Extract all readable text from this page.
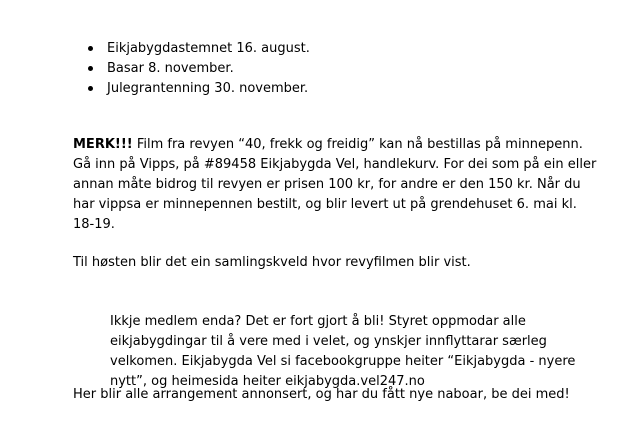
Eikjabygdastemnet 16. august.
Basar 8. november.
Julegrantenning 30. november.

MERK!!! Film fra revyen “40, frekk og freidig” kan nå bestillas på minnepenn.
Gå inn på Vipps, på #89458 Eikjabygda Vel, handlekurv. For dei som på ein eller
annan måte bidrog til revyen er prisen 100 kr, for andre er den 150 kr. Når du
har vippsa er minnepennen bestilt, og blir levert ut på grendehuset 6. mai kl.
18-19.

Til høsten blir det ein samlingskveld hvor revyfilmen blir vist.

Ikkje medlem enda? Det er fort gjort å bli! Styret oppmodar alle
eikjabygdingar til å vere med i velet, og ynskjer innflyttarar særleg
velkomen. Eikjabygda Vel si facebookgruppe heiter “Eikjabygda - nyere
nytt”, og heimesida heiter eikjabygda.vel247.no

Her blir alle arrangement annonsert, og har du fått nye naboar, be dei med!
